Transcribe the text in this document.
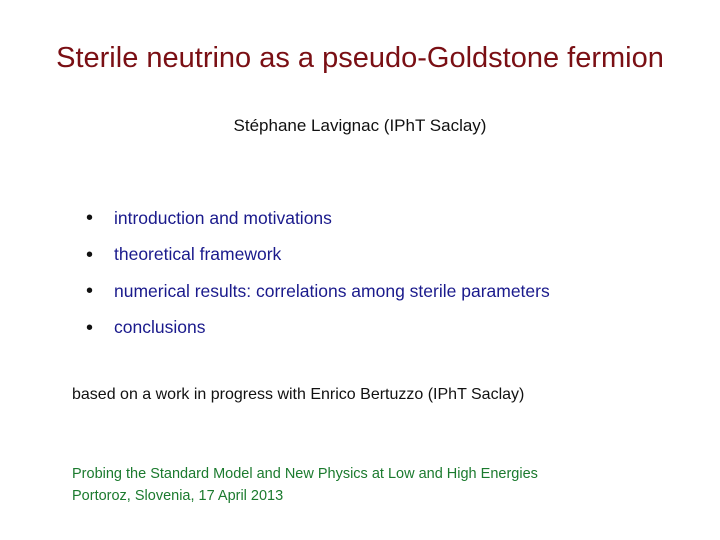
Sterile neutrino as a pseudo-Goldstone fermion
Stéphane Lavignac (IPhT Saclay)
•	introduction and motivations
•	theoretical framework
•	numerical results: correlations among sterile parameters
•	conclusions
based on a work in progress with Enrico Bertuzzo (IPhT Saclay)
Probing the Standard Model and New Physics at Low and High Energies
Portoroz, Slovenia, 17 April 2013
